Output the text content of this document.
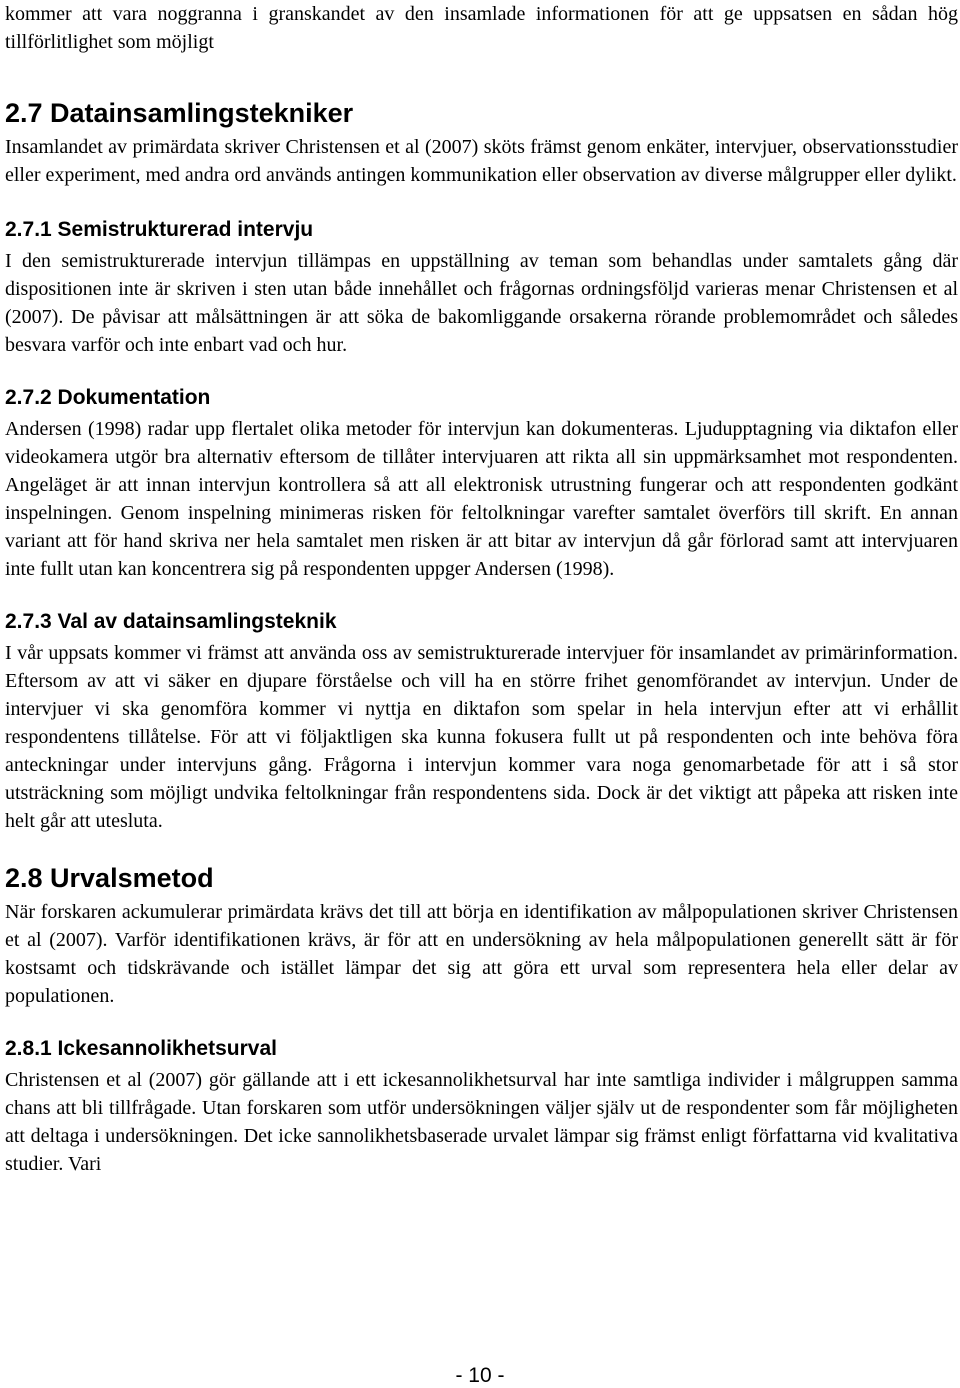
kommer att vara noggranna i granskandet av den insamlade informationen för att ge uppsatsen en sådan hög tillförlitlighet som möjligt

2.7 Datainsamlingstekniker

Insamlandet av primärdata skriver Christensen et al (2007) sköts främst genom enkäter, intervjuer, observationsstudier eller experiment, med andra ord används antingen kommunikation eller observation av diverse målgrupper eller dylikt.

2.7.1 Semistrukturerad intervju

I den semistrukturerade intervjun tillämpas en uppställning av teman som behandlas under samtalets gång där dispositionen inte är skriven i sten utan både innehållet och frågornas ordningsföljd varieras menar Christensen et al (2007). De påvisar att målsättningen är att söka de bakomliggande orsakerna rörande problemområdet och således besvara varför och inte enbart vad och hur.

2.7.2 Dokumentation

Andersen (1998) radar upp flertalet olika metoder för intervjun kan dokumenteras. Ljudupptagning via diktafon eller videokamera utgör bra alternativ eftersom de tillåter intervjuaren att rikta all sin uppmärksamhet mot respondenten. Angeläget är att innan intervjun kontrollera så att all elektronisk utrustning fungerar och att respondenten godkänt inspelningen. Genom inspelning minimeras risken för feltolkningar varefter samtalet överförs till skrift. En annan variant att för hand skriva ner hela samtalet men risken är att bitar av intervjun då går förlorad samt att intervjuaren inte fullt utan kan koncentrera sig på respondenten uppger Andersen (1998).

2.7.3 Val av datainsamlingsteknik

I vår uppsats kommer vi främst att använda oss av semistrukturerade intervjuer för insamlandet av primärinformation. Eftersom av att vi säker en djupare förståelse och vill ha en större frihet genomförandet av intervjun. Under de intervjuer vi ska genomföra kommer vi nyttja en diktafon som spelar in hela intervjun efter att vi erhållit respondentens tillåtelse. För att vi följaktligen ska kunna fokusera fullt ut på respondenten och inte behöva föra anteckningar under intervjuns gång. Frågorna i intervjun kommer vara noga genomarbetade för att i så stor utsträckning som möjligt undvika feltolkningar från respondentens sida. Dock är det viktigt att påpeka att risken inte helt går att utesluta.

2.8 Urvalsmetod

När forskaren ackumulerar primärdata krävs det till att börja en identifikation av målpopulationen skriver Christensen et al (2007). Varför identifikationen krävs, är för att en undersökning av hela målpopulationen generellt sätt är för kostsamt och tidskrävande och istället lämpar det sig att göra ett urval som representera hela eller delar av populationen.

2.8.1 Ickesannolikhetsurval

Christensen et al (2007) gör gällande att i ett ickesannolikhetsurval har inte samtliga individer i målgruppen samma chans att bli tillfrågade. Utan forskaren som utför undersökningen väljer själv ut de respondenter som får möjligheten att deltaga i undersökningen. Det icke sannolikhetsbaserade urvalet lämpar sig främst enligt författarna vid kvalitativa studier. Vari

- 10 -
